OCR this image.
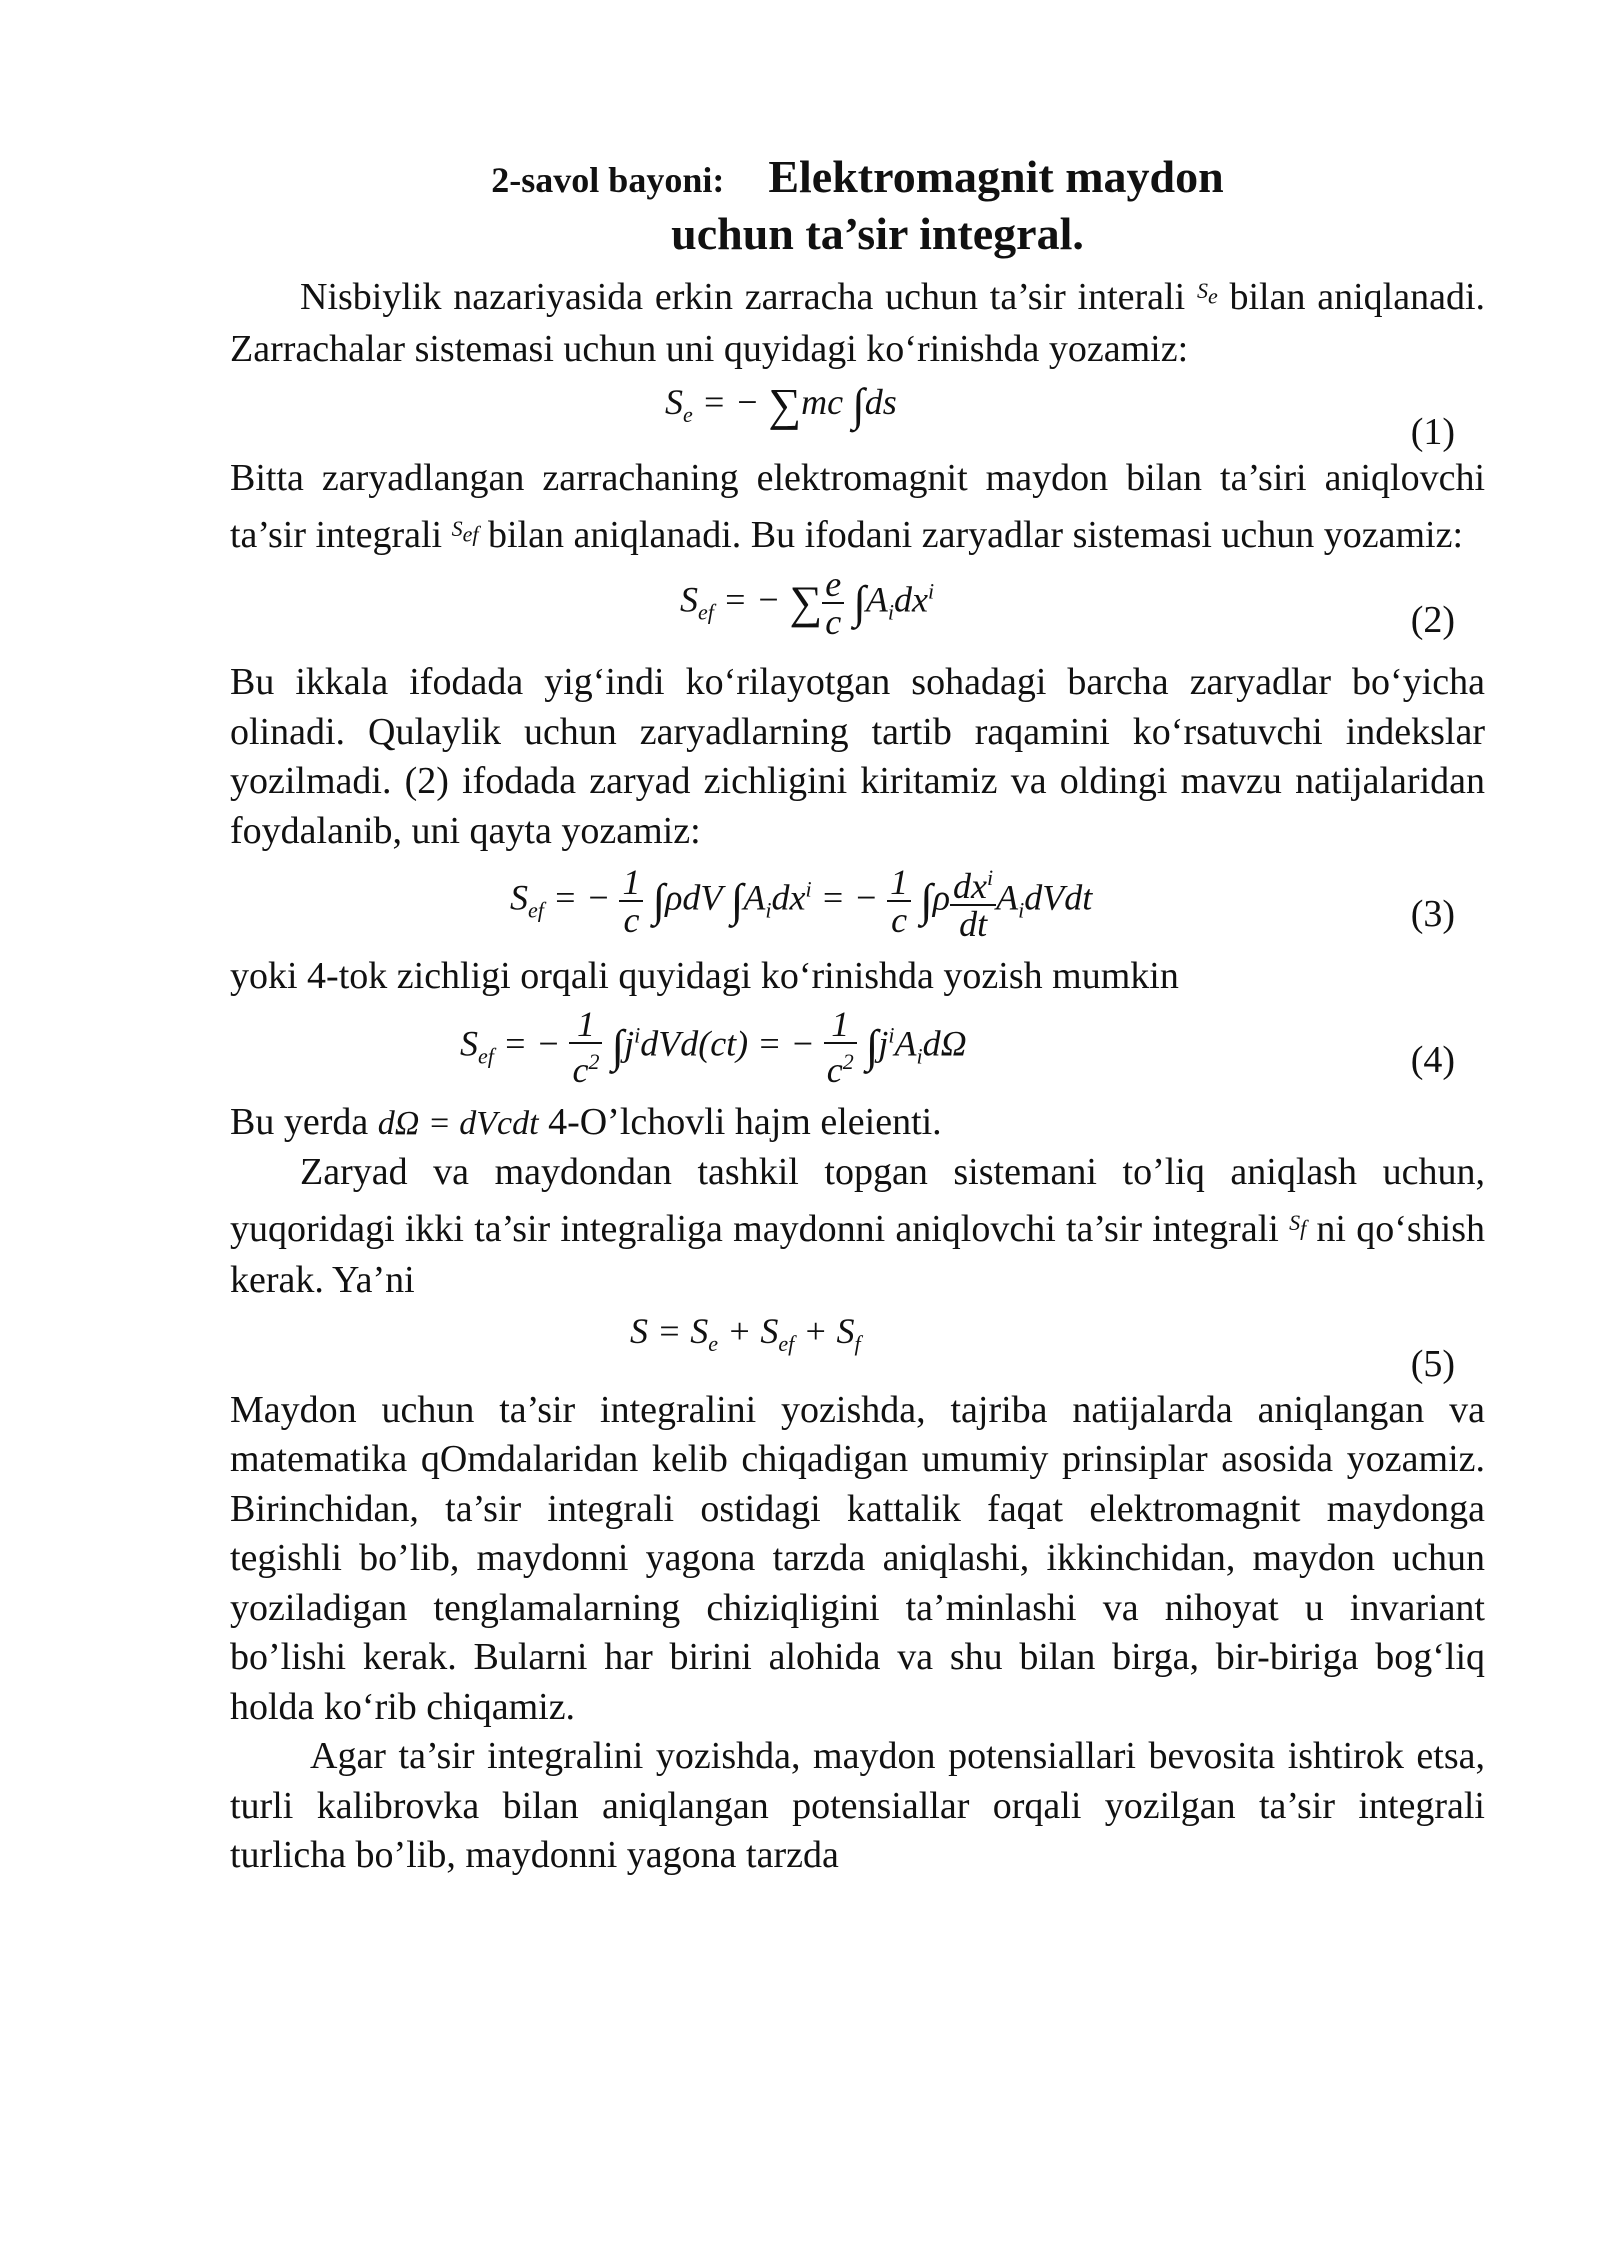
2-savol bayoni: Elektromagnit maydon
uchun ta’sir integral.

Nisbiylik nazariyasida erkin zarracha uchun ta’sir interali $^{S_e}$ bilan aniqlanadi. Zarrachalar sistemasi uchun uni quyidagi ko‘rinishda yozamiz:

$S_e$ = − ∑mc ∫ds
(1)

Bitta zaryadlangan zarrachaning elektromagnit maydon bilan ta’siri aniqlovchi ta’sir integrali $^{S_{ef}}$ bilan aniqlanadi. Bu ifodani zaryadlar sistemasi uchun yozamiz:

$S_{ef}$ = − ∑ $\frac{e}{c} \int A_idx^i$
(2)

Bu ikkala ifodada yig‘indi ko‘rilayotgan sohadagi barcha zaryadlar bo‘yicha olinadi. Qulaylik uchun zaryadlarning tartib raqamini ko‘rsatuvchi indekslar yozilmadi. (2) ifodada zaryad zichligini kiritamiz va oldingi mavzu natijalaridan foydalanib, uni qayta yozamiz:

$S_{ef}$ = − $\frac{1}{c} \int\rho dV$ $\int A_idx^i$ = − $\frac{1}{c} \int\rho \frac{dx^i}{dt}$ $A_idVdt$	(3)

yoki 4-tok zichligi orqali quyidagi ko‘rinishda yozish mumkin

$S_{ef}$ = − $\frac{1}{c^2} \int j^idVd(ct)$ = − $\frac{1}{c^2} \int j^iA_id\Omega$	(4)

Bu yerda dΩ = dVcdt 4-O’lchovli hajm eleienti.

Zaryad va maydondan tashkil topgan sistemani to’liq aniqlash uchun, yuqoridagi ikki ta’sir integraliga maydonni aniqlovchi ta’sir integrali $^{S_f}$ ni qo‘shish kerak. Ya’ni

$S = S_e + S_{ef} + S_f$	(5)

Maydon uchun ta’sir integralini yozishda, tajriba natijalarda aniqlangan va matematika qOmdalaridan kelib chiqadigan umumiy prinsiplar asosida yozamiz. Birinchidan, ta’sir integrali ostidagi kattalik faqat elektromagnit maydonga tegishli bo’lib, maydonni yagona tarzda aniqlashi, ikkinchidan, maydon uchun yoziladigan tenglamalarning chiziqligini ta’minlashi va nihoyat u invariant bo’lishi kerak. Bularni har birini alohida va shu bilan birga, bir-biriga bog‘liq holda ko‘rib chiqamiz.

Agar ta’sir integralini yozishda, maydon potensiallari bevosita ishtirok etsa, turli kalibrovka bilan aniqlangan potensiallar orqali yozilgan ta’sir integrali turlicha bo’lib, maydonni yagona tarzda
